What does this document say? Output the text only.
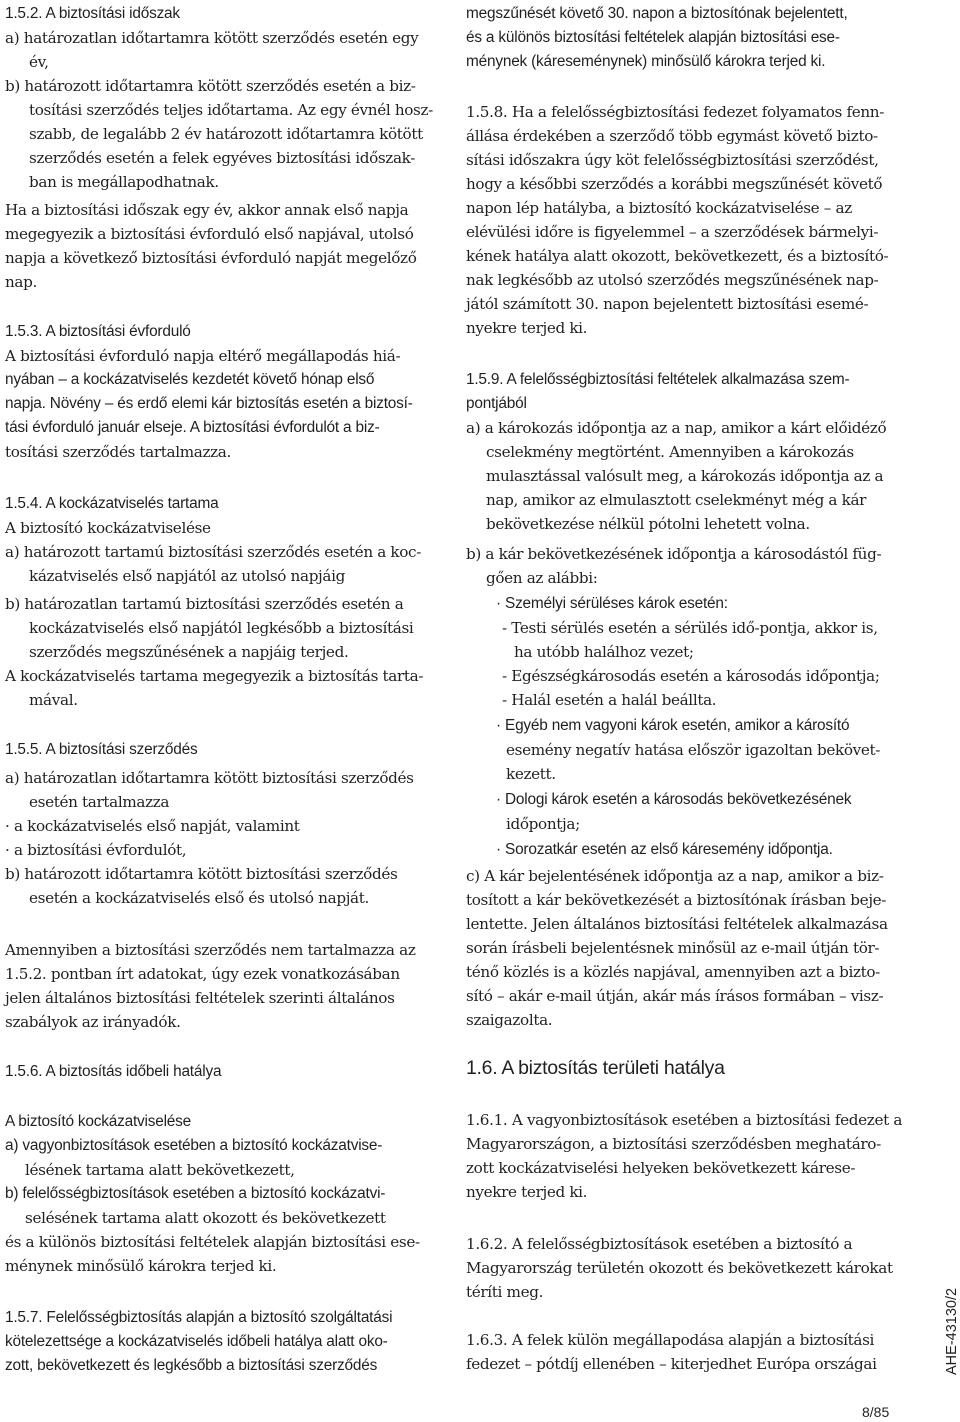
1.5.2. A biztosítási időszak
a) határozatlan időtartamra kötött szerződés esetén egy
év,
b) határozott időtartamra kötött szerződés esetén a biz-
tosítási szerződés teljes időtartama. Az egy évnél hosz-
szabb, de legalább 2 év határozott időtartamra kötött
szerződés esetén a felek egyéves biztosítási időszak-
ban is megállapodhatnak.
Ha a biztosítási időszak egy év, akkor annak első napja
megegyezik a biztosítási évforduló első napjával, utolsó
napja a következő biztosítási évforduló napját megelőző
nap.
1.5.3. A biztosítási évforduló
A biztosítási évforduló napja eltérő megállapodás hiá-
nyában – a kockázatviselés kezdetét követő hónap első
napja. Növény – és erdő elemi kár biztosítás esetén a biztosí-
tási évforduló január elseje. A biztosítási évfordulót a biz-
tosítási szerződés tartalmazza.
1.5.4. A kockázatviselés tartama
A biztosító kockázatviselése
a) határozott tartamú biztosítási szerződés esetén a koc-
kázatviselés első napjától az utolsó napjáig
b) határozatlan tartamú biztosítási szerződés esetén a
kockázatviselés első napjától legkésőbb a biztosítási
szerződés megszűnésének a napjáig terjed.
A kockázatviselés tartama megegyezik a biztosítás tarta-
mával.
1.5.5. A biztosítási szerződés
a) határozatlan időtartamra kötött biztosítási szerződés
esetén tartalmazza
· a kockázatviselés első napját, valamint
· a biztosítási évfordulót,
b) határozott időtartamra kötött biztosítási szerződés
esetén a kockázatviselés első és utolsó napját.
Amennyiben a biztosítási szerződés nem tartalmazza az
1.5.2. pontban írt adatokat, úgy ezek vonatkozásában
jelen általános biztosítási feltételek szerinti általános
szabályok az irányadók.
1.5.6. A biztosítás időbeli hatálya
A biztosító kockázatviselése
a) vagyonbiztosítások esetében a biztosító kockázatvise-
lésének tartama alatt bekövetkezett,
b) felelősségbiztosítások esetében a biztosító kockázatvi-
selésének tartama alatt okozott és bekövetkezett
és a különös biztosítási feltételek alapján biztosítási ese-
ménynek minősülő károkra terjed ki.
1.5.7. Felelősségbiztosítás alapján a biztosító szolgáltatási
kötelezettsége a kockázatviselés időbeli hatálya alatt oko-
zott, bekövetkezett és legkésőbb a biztosítási szerződés
megszűnését követő 30. napon a biztosítónak bejelentett,
és a különös biztosítási feltételek alapján biztosítási ese-
ménynek (káreseménynek) minősülő károkra terjed ki.
1.5.8. Ha a felelősségbiztosítási fedezet folyamatos fenn-
állása érdekében a szerződő több egymást követő bizto-
sítási időszakra úgy köt felelősségbiztosítási szerződést,
hogy a későbbi szerződés a korábbi megszűnését követő
napon lép hatályba, a biztosító kockázatviselése – az
elévülési időre is figyelemmel – a szerződések bármelyi-
kének hatálya alatt okozott, bekövetkezett, és a biztosító-
nak legkésőbb az utolsó szerződés megszűnésének nap-
jától számított 30. napon bejelentett biztosítási esemé-
nyekre terjed ki.
1.5.9. A felelősségbiztosítási feltételek alkalmazása szem-
pontjából
a) a károkozás időpontja az a nap, amikor a kárt előidéző
cselekmény megtörtént. Amennyiben a károkozás
mulasztással valósult meg, a károkozás időpontja az a
nap, amikor az elmulasztott cselekményt még a kár
bekövetkezése nélkül pótolni lehetett volna.
b) a kár bekövetkezésének időpontja a károsodástól füg-
gően az alábbi:
· Személyi sérüléses károk esetén:
- Testi sérülés esetén a sérülés idő-pontja, akkor is,
ha utóbb halálhoz vezet;
- Egészségkárosodás esetén a károsodás időpontja;
- Halál esetén a halál beállta.
· Egyéb nem vagyoni károk esetén, amikor a károsító
esemény negatív hatása először igazoltan bekövet-
kezett.
· Dologi károk esetén a károsodás bekövetkezésének
időpontja;
· Sorozatkár esetén az első káresemény időpontja.
c) A kár bejelentésének időpontja az a nap, amikor a biz-
tosított a kár bekövetkezését a biztosítónak írásban beje-
lentette. Jelen általános biztosítási feltételek alkalmazása
során írásbeli bejelentésnek minősül az e-mail útján tör-
ténő közlés is a közlés napjával, amennyiben azt a bizto-
sító – akár e-mail útján, akár más írásos formában – visz-
szaigazolta.
1.6. A biztosítás területi hatálya
1.6.1. A vagyonbiztosítások esetében a biztosítási fedezet a
Magyarországon, a biztosítási szerződésben meghatáro-
zott kockázatviselési helyeken bekövetkezett kárese-
nyekre terjed ki.
1.6.2. A felelősségbiztosítások esetében a biztosító a
Magyarország területén okozott és bekövetkezett károkat
téríti meg.
1.6.3. A felek külön megállapodása alapján a biztosítási
fedezet – pótdíj ellenében – kiterjedhet Európa országai	AHE-43130/2
8/85
